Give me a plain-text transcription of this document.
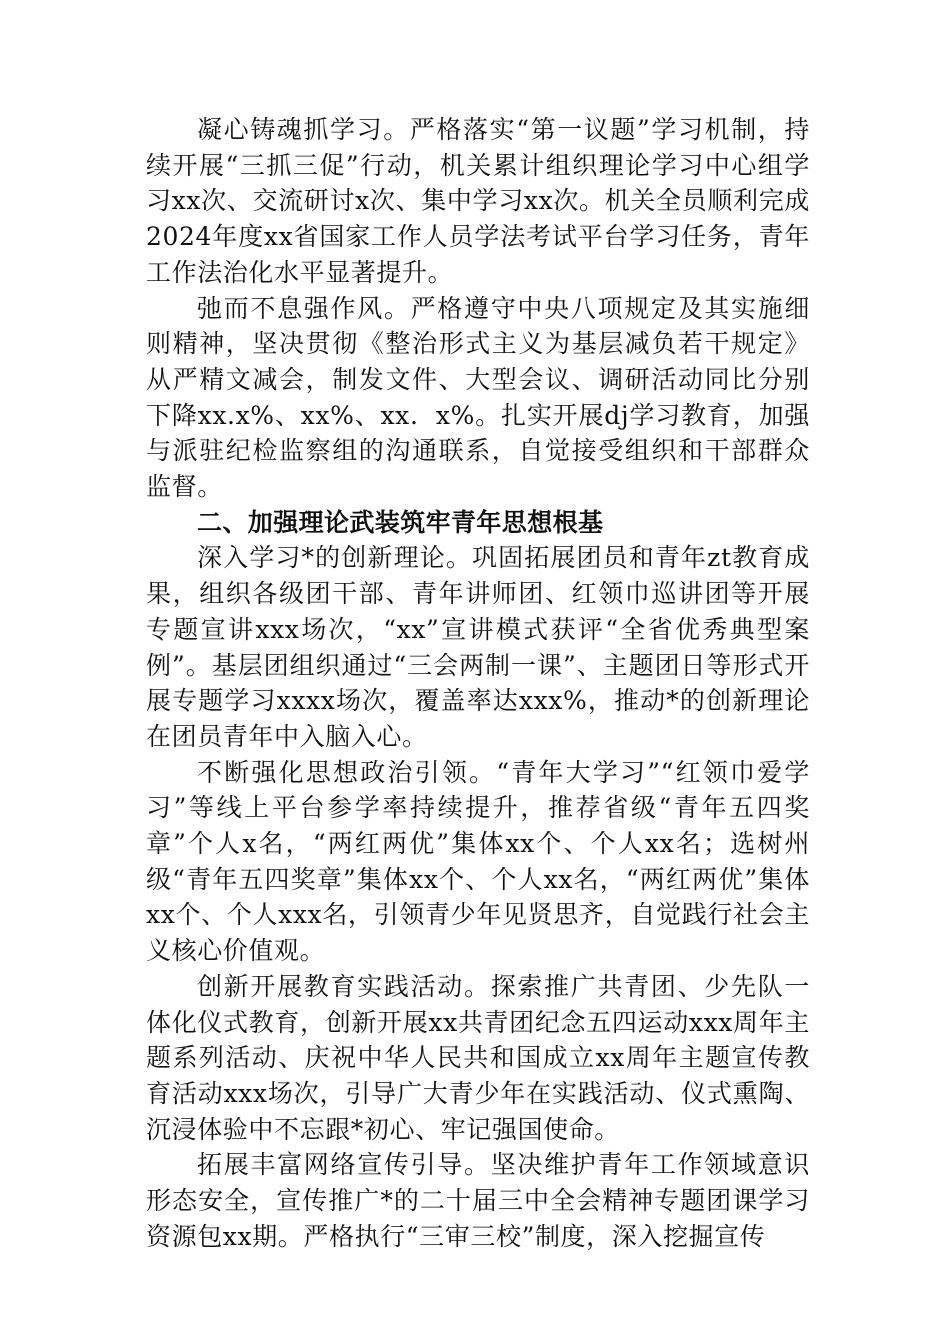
凝心铸魂抓学习。严格落实“第一议题”学习机制，持续开展“三抓三促”行动，机关累计组织理论学习中心组学习xx次、交流研讨x次、集中学习xx次。机关全员顺利完成2024年度xx省国家工作人员学法考试平台学习任务，青年工作法治化水平显著提升。

弛而不息强作风。严格遵守中央八项规定及其实施细则精神，坚决贯彻《整治形式主义为基层减负若干规定》从严精文减会，制发文件、大型会议、调研活动同比分别下降xx.x%、xx%、xx．x%。扎实开展dj学习教育，加强与派驻纪检监察组的沟通联系，自觉接受组织和干部群众监督。

二、加强理论武装筑牢青年思想根基

深入学习*的创新理论。巩固拓展团员和青年zt教育成果，组织各级团干部、青年讲师团、红领巾巡讲团等开展专题宣讲xxx场次，“xx”宣讲模式获评“全省优秀典型案例”。基层团组织通过“三会两制一课”、主题团日等形式开展专题学习xxxx场次，覆盖率达xxx%，推动*的创新理论在团员青年中入脑入心。

不断强化思想政治引领。“青年大学习”“红领巾爱学习”等线上平台参学率持续提升，推荐省级“青年五四奖章”个人x名，“两红两优”集体xx个、个人xx名；选树州级“青年五四奖章”集体xx个、个人xx名，“两红两优”集体xx个、个人xxx名，引领青少年见贤思齐，自觉践行社会主义核心价值观。

创新开展教育实践活动。探索推广共青团、少先队一体化仪式教育，创新开展xx共青团纪念五四运动xxx周年主题系列活动、庆祝中华人民共和国成立xx周年主题宣传教育活动xxx场次，引导广大青少年在实践活动、仪式熏陶、沉浸体验中不忘跟*初心、牢记强国使命。

拓展丰富网络宣传引导。坚决维护青年工作领域意识形态安全，宣传推广*的二十届三中全会精神专题团课学习资源包xx期。严格执行“三审三校”制度，深入挖掘宣传
